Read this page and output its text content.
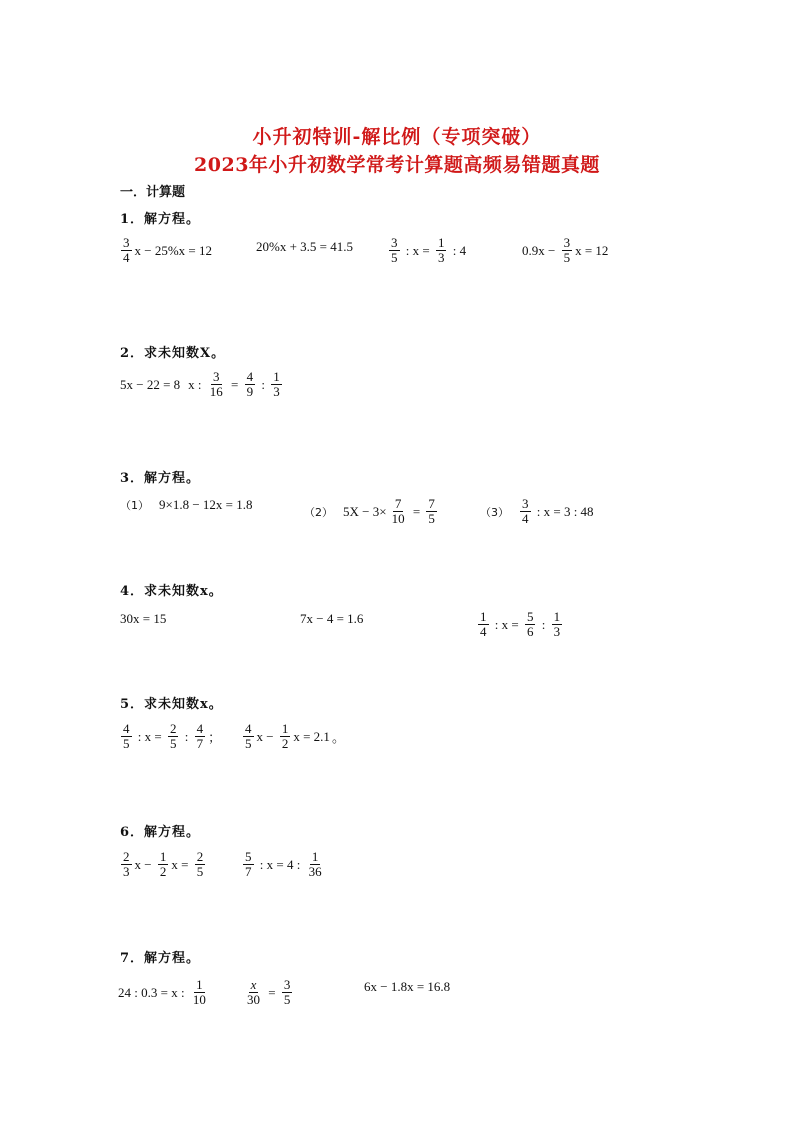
小升初特训-解比例（专项突破）
2023年小升初数学常考计算题高频易错题真题
一．计算题
1．解方程。
$\frac{3}{4}$ x − 25%x = 12	20%x + 3.5 = 41.5	$\frac{3}{5}$ : $x = \frac{1}{3}$ : 4	$0.9x - \frac{3}{5}$ x = 12
2．求未知数X。
5x − 22 = 8 x : $\frac{3}{16} = \frac{4}{9}$ : $\frac{1}{3}$
3．解方程。
（1） 9×1.8 − 12x = 1.8	（2） $5X - 3\times \frac{7}{10} = \frac{7}{5}$	$(3) \frac{3}{4}$ : x = 3 : 48
4．求未知数x。
30x = 15	7x − 4 = 1.6	$\frac{1}{4}$ : $x = \frac{5}{6}$ : $\frac{1}{3}$
5．求未知数x。
$\frac{4}{5}$ : $x = \frac{2}{5}$ : $\frac{4}{7}$ ； $\frac{4}{5}$ $x - \frac{1}{2}$ x = 2.1 。
6．解方程。
$\frac{2}{3}$ $x - \frac{1}{2}$ $x = \frac{2}{5}$	$\frac{5}{7}$ : x = 4 : $\frac{1}{36}$
7．解方程。
24 : 0.3 = x : $\frac{1}{10}$	$\frac{x}{30} = \frac{3}{5}$	6x − 1.8x = 16.8
